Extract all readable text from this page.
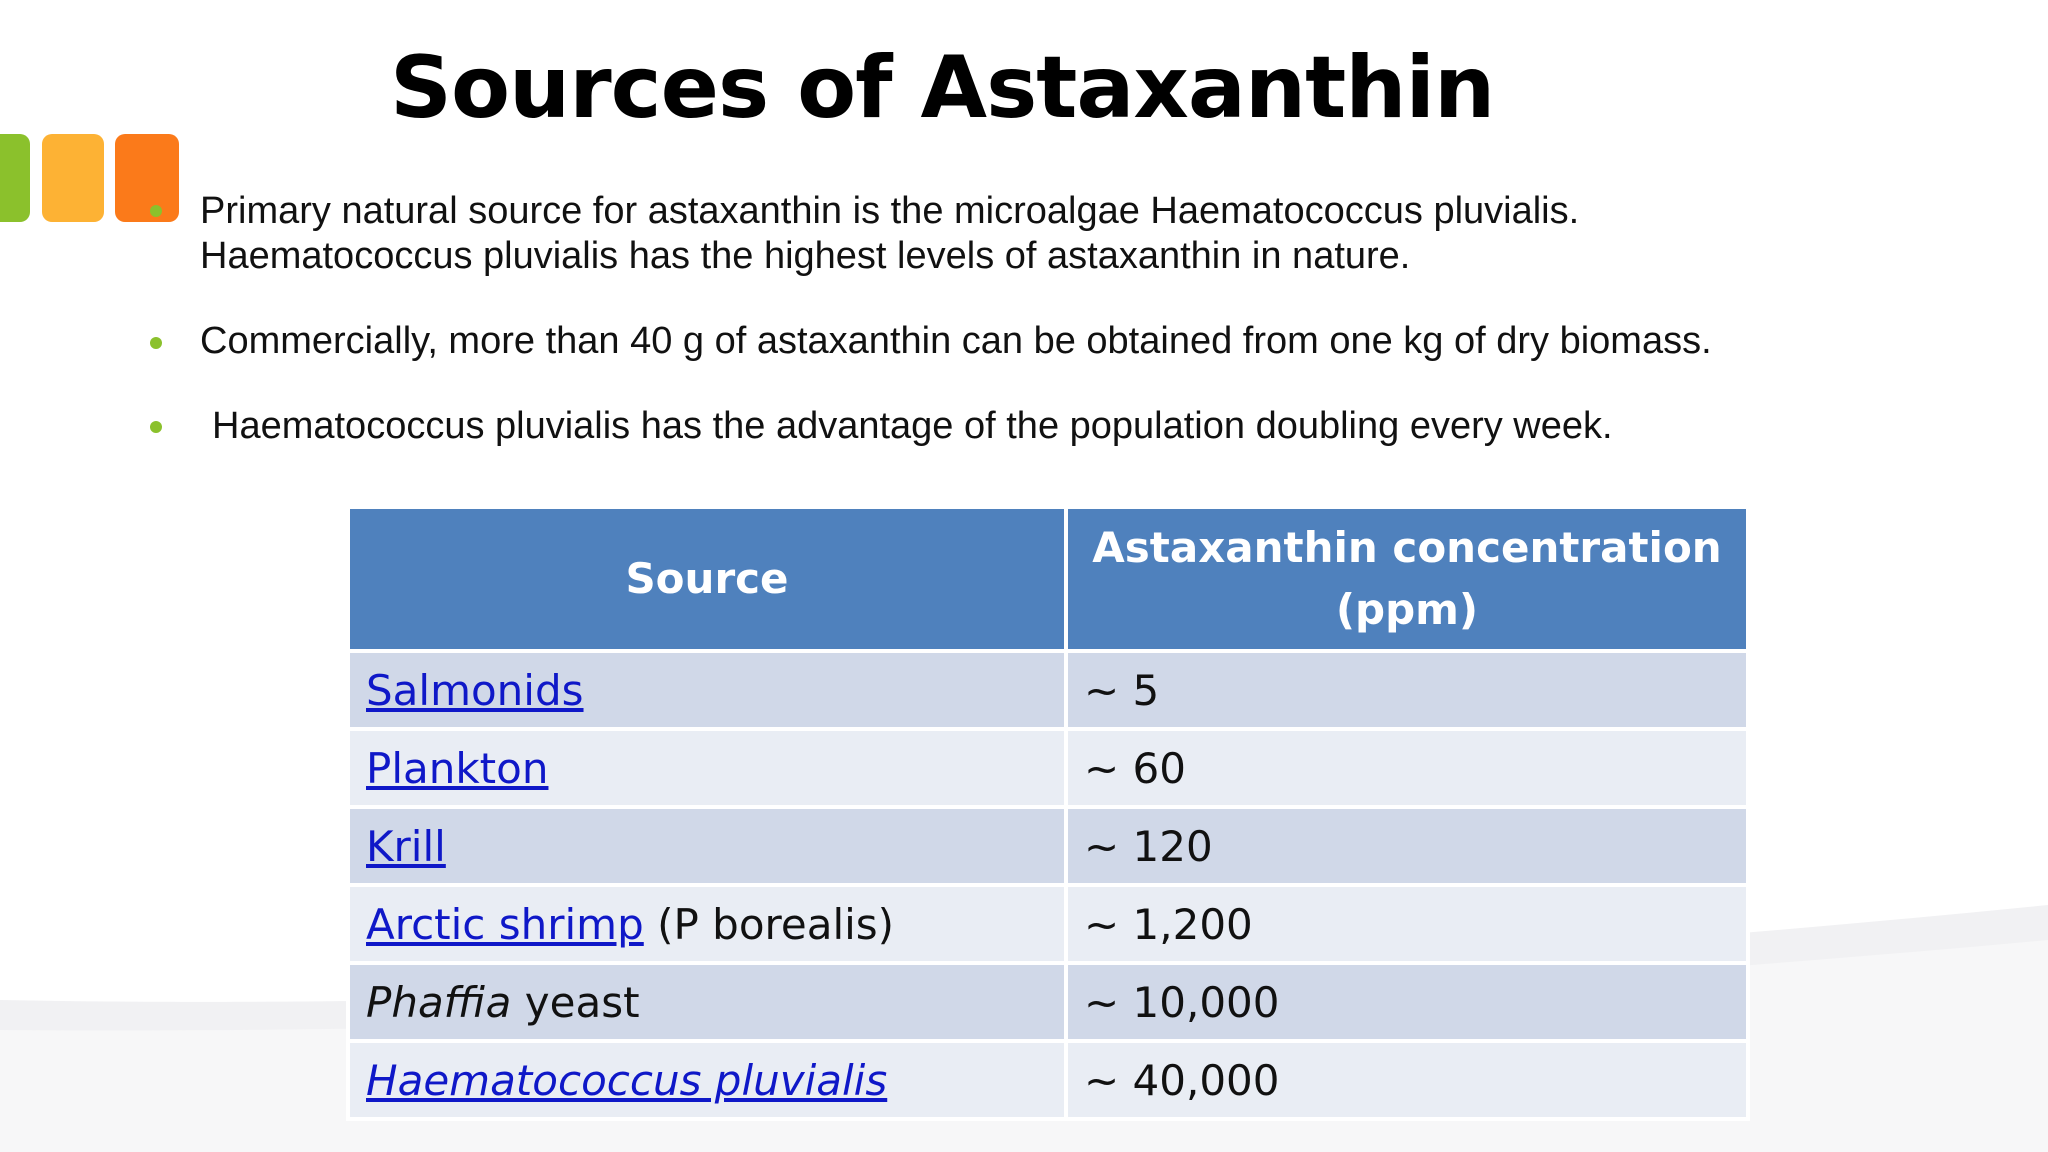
Sources of Astaxanthin
Primary natural source for astaxanthin is the microalgae Haematococcus pluvialis.
Haematococcus pluvialis has the highest levels of astaxanthin in nature.
Commercially, more than 40 g of astaxanthin can be obtained from one kg of dry biomass.
Haematococcus pluvialis has the advantage of the population doubling every week.
Source	Astaxanthin concentration
(ppm)
Salmonids	~ 5
Plankton	~ 60
Krill	~ 120
Arctic shrimp (P borealis)	~ 1,200
Phaffia yeast	~ 10,000
Haematococcus pluvialis	~ 40,000
